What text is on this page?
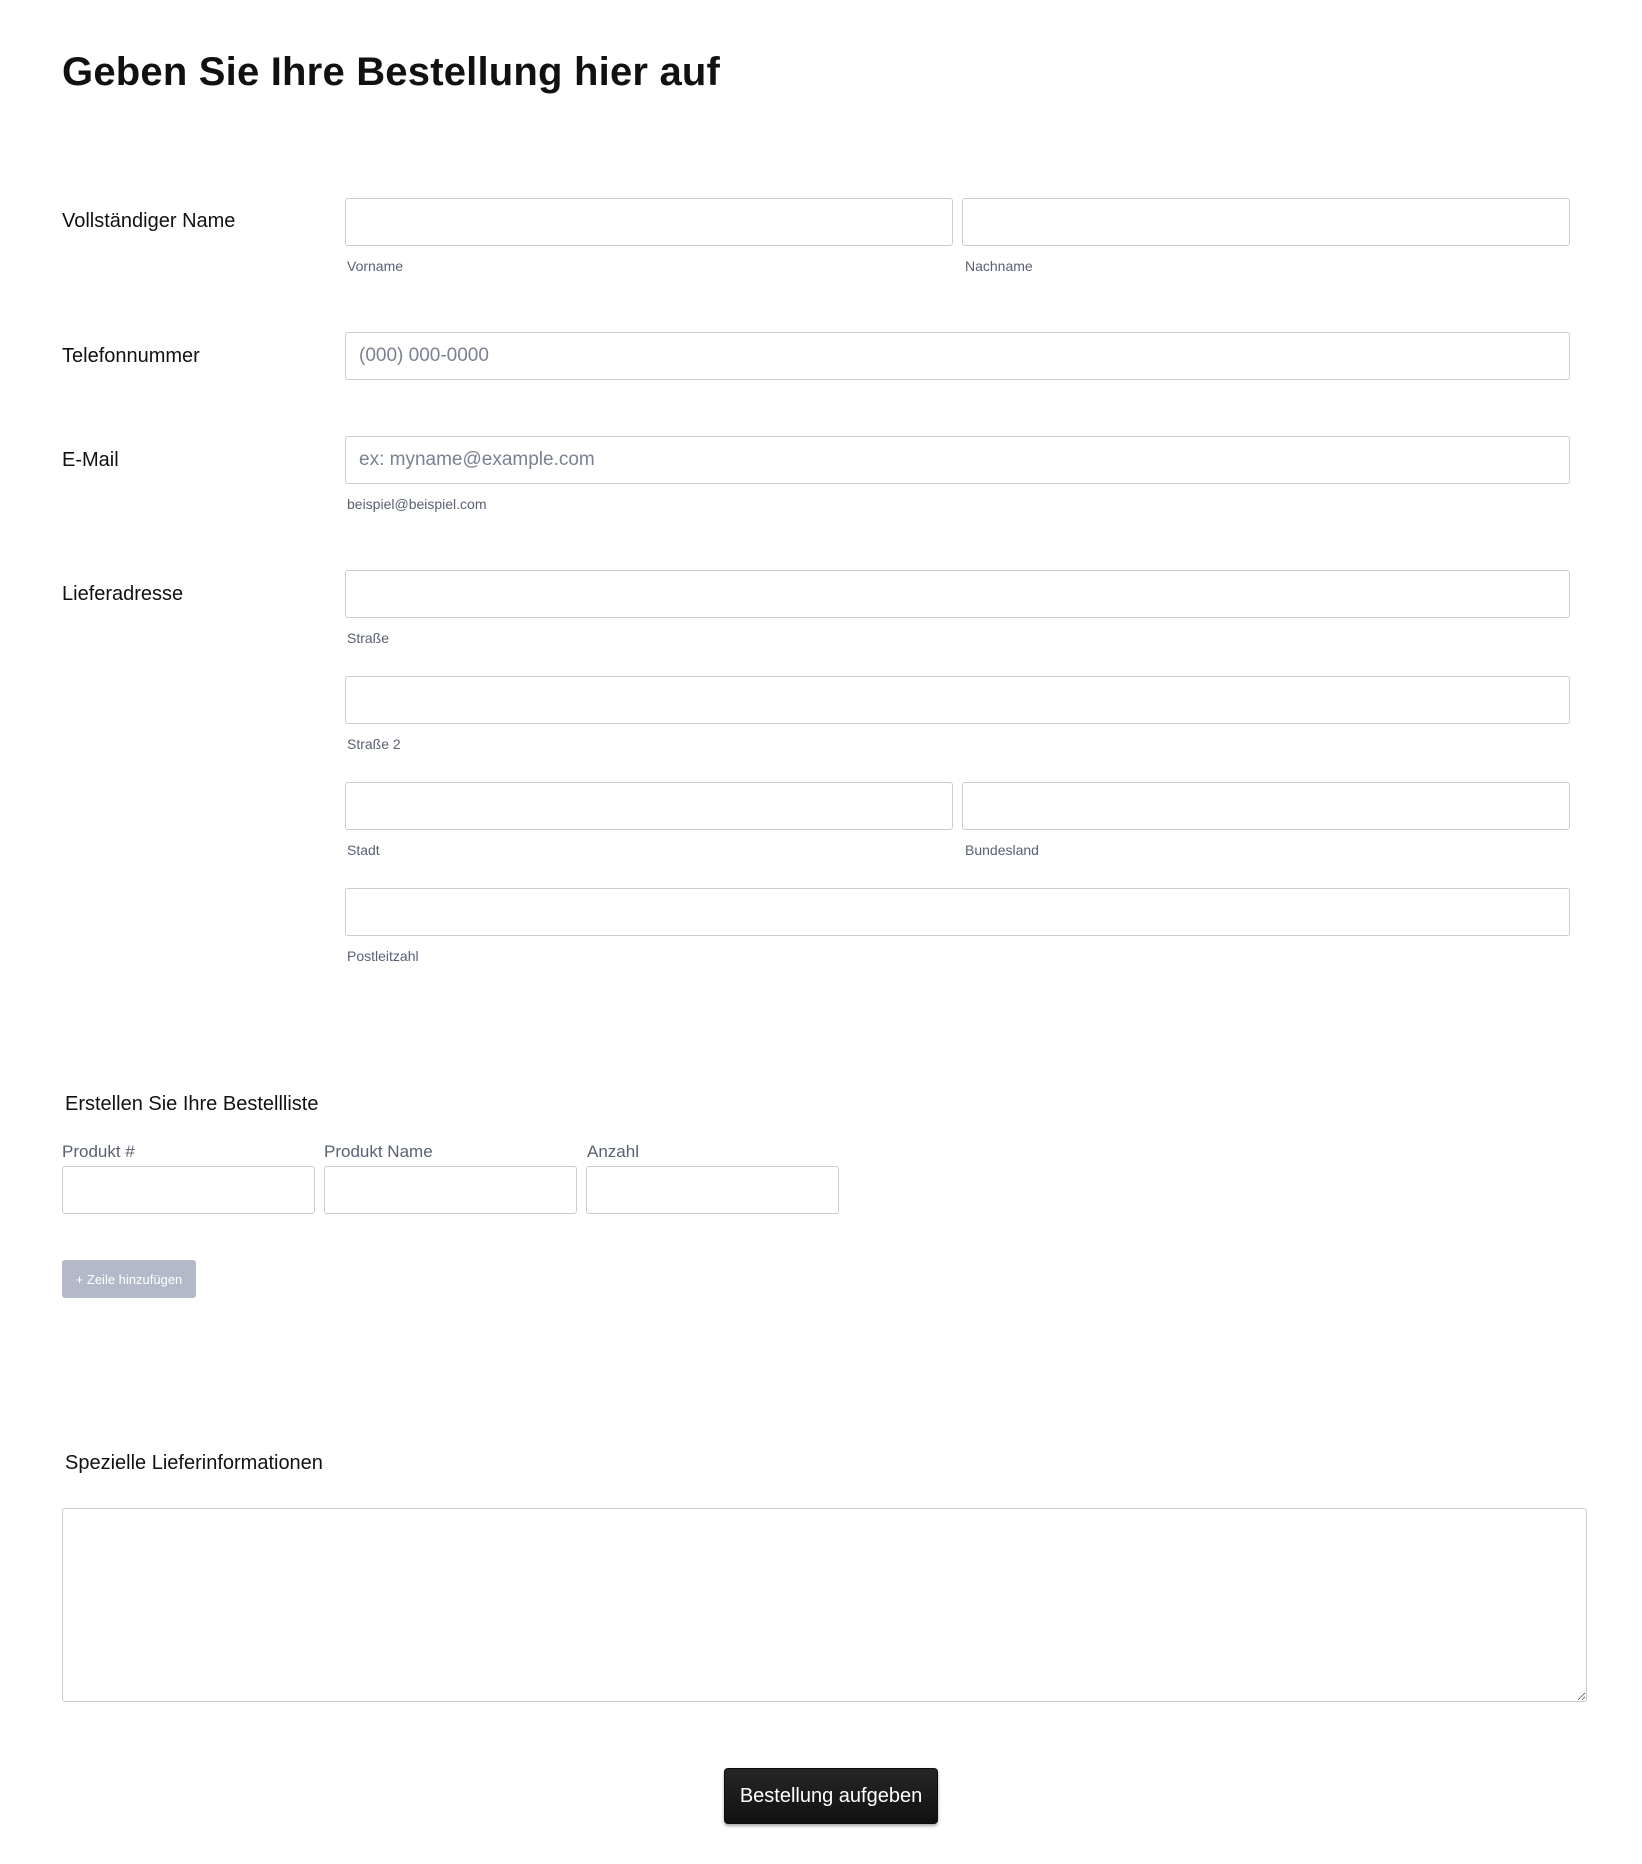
Geben Sie Ihre Bestellung hier auf
Vollständiger Name
Vorname	Nachname
Telefonnummer
(000) 000-0000
E-Mail
ex: myname@example.com
beispiel@beispiel.com
Lieferadresse
Straße
Straße 2
Stadt	Bundesland
Postleitzahl
Erstellen Sie Ihre Bestellliste
Produkt #	Produkt Name	Anzahl
+ Zeile hinzufügen
Spezielle Lieferinformationen
Bestellung aufgeben
